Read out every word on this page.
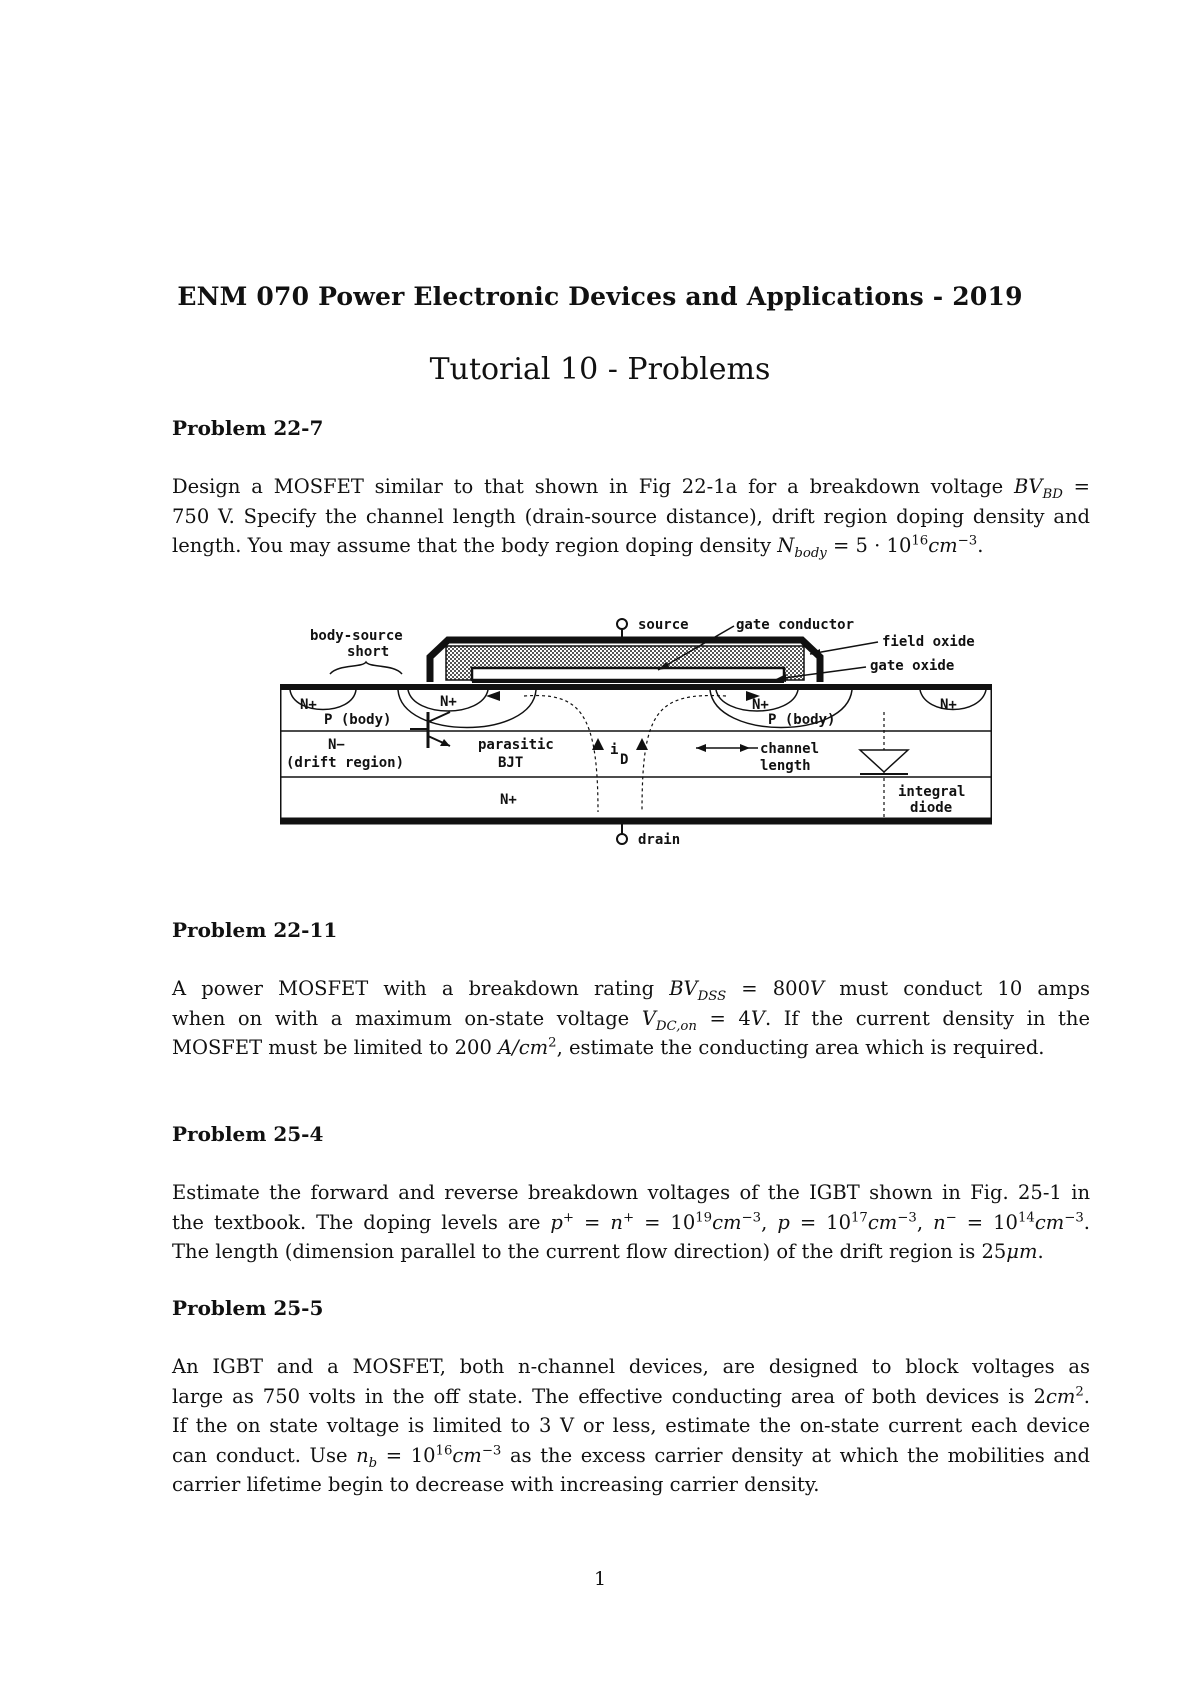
ENM 070 Power Electronic Devices and Applications - 2019
Tutorial 10 - Problems
Problem 22-7
Design a MOSFET similar to that shown in Fig 22-1a for a breakdown voltage $BV_{BD}$ =
750 V. Specify the channel length (drain-source distance), drift region doping density and
length. You may assume that the body region doping density $N_{body} = 5 \cdot 10^{16}cm^{-3}$.
source	gate conductor
field oxide
gate oxide
body-source
short
N+	N+	N+	N+
P (body)	P (body)
N−
(drift region)
parasitic
BJT
N+
i
D
channel
length
integral
diode
drain
Problem 22-11
A power MOSFET with a breakdown rating $BV_{DSS} = 800V$ must conduct 10 amps
when on with a maximum on-state voltage $V_{DC,on} = 4V$. If the current density in the
MOSFET must be limited to 200 $A/cm^2$, estimate the conducting area which is required.
Problem 25-4
Estimate the forward and reverse breakdown voltages of the IGBT shown in Fig. 25-1 in
the textbook. The doping levels are $p^+ = n^+ = 10^{19}cm^{-3}$, $p = 10^{17}cm^{-3}$, $n^- = 10^{14}cm^{-3}$.
The length (dimension parallel to the current flow direction) of the drift region is 25μm.
Problem 25-5
An IGBT and a MOSFET, both n-channel devices, are designed to block voltages as
large as 750 volts in the off state. The effective conducting area of both devices is $2cm^2$.
If the on state voltage is limited to 3 V or less, estimate the on-state current each device
can conduct. Use $n_b = 10^{16}cm^{-3}$ as the excess carrier density at which the mobilities and
carrier lifetime begin to decrease with increasing carrier density.
1
